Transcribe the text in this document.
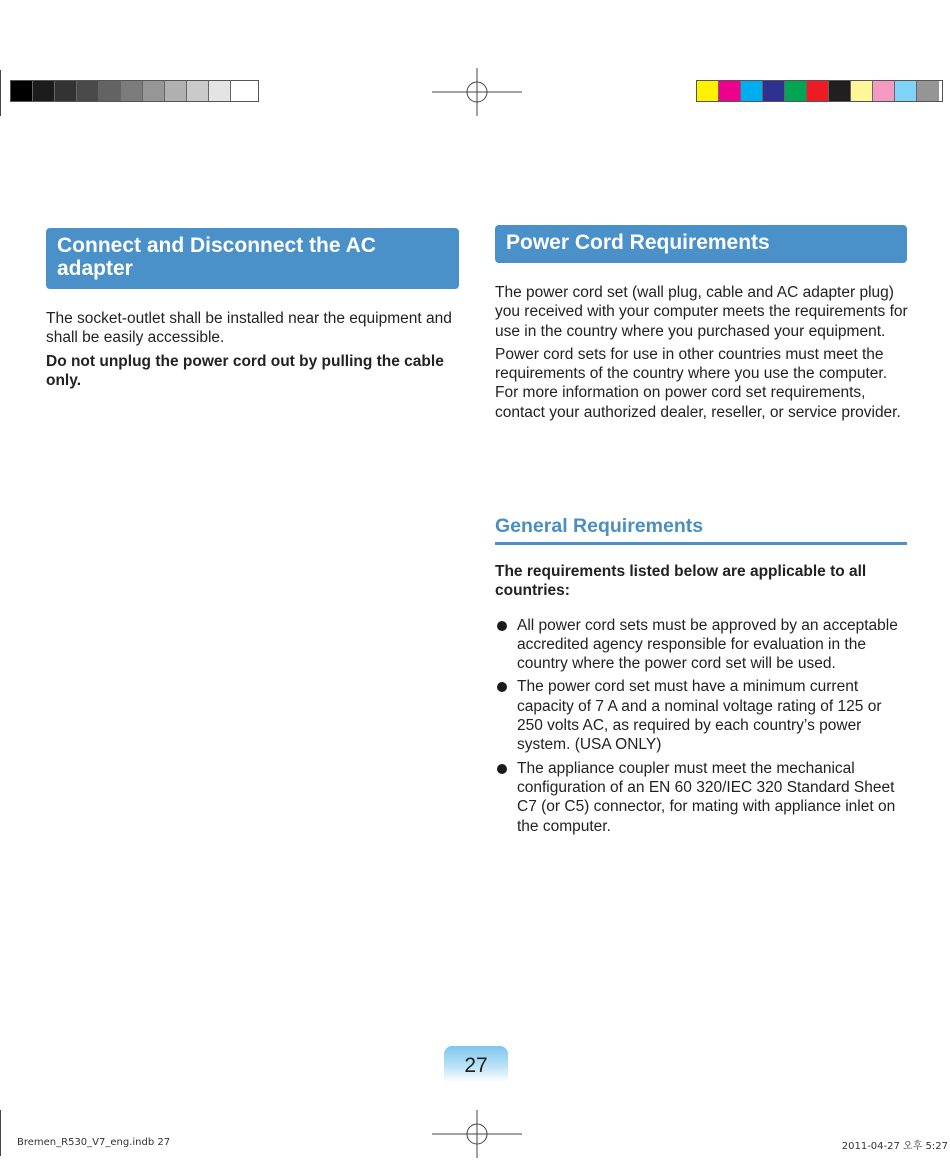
Connect and Disconnect the AC adapter

The socket-outlet shall be installed near the equipment and shall be easily accessible.

Do not unplug the power cord out by pulling the cable only.

Power Cord Requirements

The power cord set (wall plug, cable and AC adapter plug) you received with your computer meets the requirements for use in the country where you purchased your equipment.

Power cord sets for use in other countries must meet the requirements of the country where you use the computer. For more information on power cord set requirements, contact your authorized dealer, reseller, or service provider.

General Requirements

The requirements listed below are applicable to all countries:

All power cord sets must be approved by an acceptable accredited agency responsible for evaluation in the country where the power cord set will be used.
The power cord set must have a minimum current capacity of 7 A and a nominal voltage rating of 125 or 250 volts AC, as required by each country’s power system. (USA ONLY)
The appliance coupler must meet the mechanical configuration of an EN 60 320/IEC 320 Standard Sheet C7 (or C5) connector, for mating with appliance inlet on the computer.
27
Bremen_R530_V7_eng.indb 27	2011-04-27 오후 5:27
